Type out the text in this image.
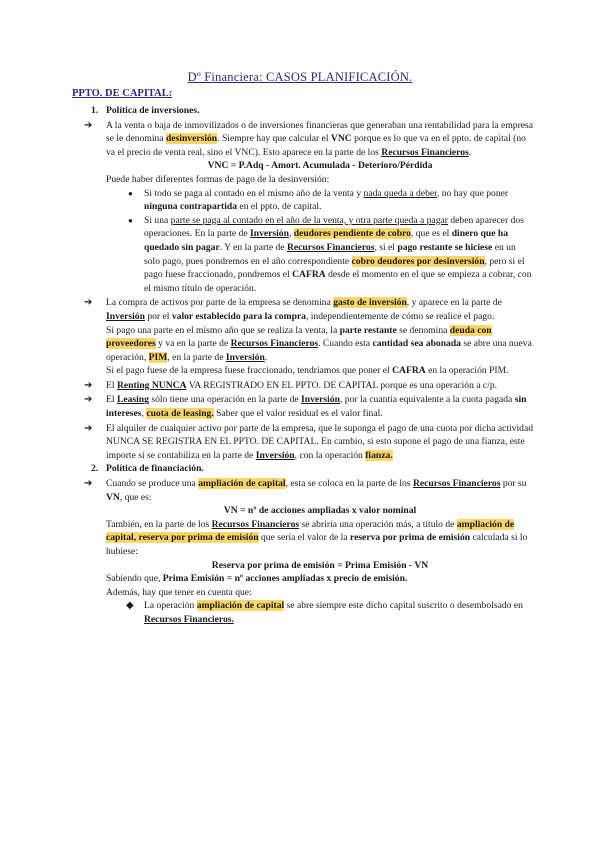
Dº Financiera: CASOS PLANIFICACIÓN.
PPTO. DE CAPITAL:
1. Política de inversiones.
➔ A la venta o baja de inmovilizados o de inversiones financieras que generaban una rentabilidad para la empresa se le denomina desinversión. Siempre hay que calcular el VNC porque es lo que va en el ppto. de capital (no va el precio de venta real, sino el VNC). Esto aparece en la parte de los Recursos Financieros.
VNC = P.Adq - Amort. Acumulada - Deterioro/Pérdida
Puede haber diferentes formas de pago de la desinversión:
● Si todo se paga al contado en el mismo año de la venta y nada queda a deber, no hay que poner ninguna contrapartida en el ppto. de capital.
● Si una parte se paga al contado en el año de la venta, y otra parte queda a pagar deben aparecer dos operaciones. En la parte de Inversión, deudores pendiente de cobro, que es el dinero que ha quedado sin pagar. Y en la parte de Recursos Financieros, si el pago restante se hiciese en un solo pago, pues pondremos en el año correspondiente cobro deudores por desinversión, pero si el pago fuese fraccionado, pondremos el CAFRA desde el momento en el que se empieza a cobrar, con el mismo título de operación.
➔ La compra de activos por parte de la empresa se denomina gasto de inversión, y aparece en la parte de Inversión por el valor establecido para la compra, independientemente de cómo se realice el pago.
Si pago una parte en el mismo año que se realiza la venta, la parte restante se denomina deuda con proveedores y va en la parte de Recursos Financieros. Cuando esta cantidad sea abonada se abre una nueva operación, PIM, en la parte de Inversión.
Si el pago fuese de la empresa fuese fraccionado, tendríamos que poner el CAFRA en la operación PIM.
➔ El Renting NUNCA VA REGISTRADO EN EL PPTO. DE CAPITAL porque es una operación a c/p.
➔ El Leasing sólo tiene una operación en la parte de Inversión, por la cuantía equivalente a la cuota pagada sin intereses, cuota de leasing. Saber que el valor residual es el valor final.
➔ El alquiler de cualquier activo por parte de la empresa, que le suponga el pago de una cuota por dicha actividad NUNCA SE REGISTRA EN EL PPTO. DE CAPITAL. En cambio, si esto supone el pago de una fianza, este importe sí se contabiliza en la parte de Inversión, con la operación fianza.
2. Política de financiación.
➔ Cuando se produce una ampliación de capital, esta se coloca en la parte de los Recursos Financieros por su VN, que es:
VN = nº de acciones ampliadas x valor nominal
También, en la parte de los Recursos Financieros se abriría una operación más, a título de ampliación de capital, reserva por prima de emisión que sería el valor de la reserva por prima de emisión calculada si lo hubiese:
Reserva por prima de emisión = Prima Emisión - VN
Sabiendo que, Prima Emisión = nº acciones ampliadas x precio de emisión.
Además, hay que tener en cuenta que:
◆ La operación ampliación de capital se abre siempre este dicho capital suscrito o desembolsado en Recursos Financieros.
